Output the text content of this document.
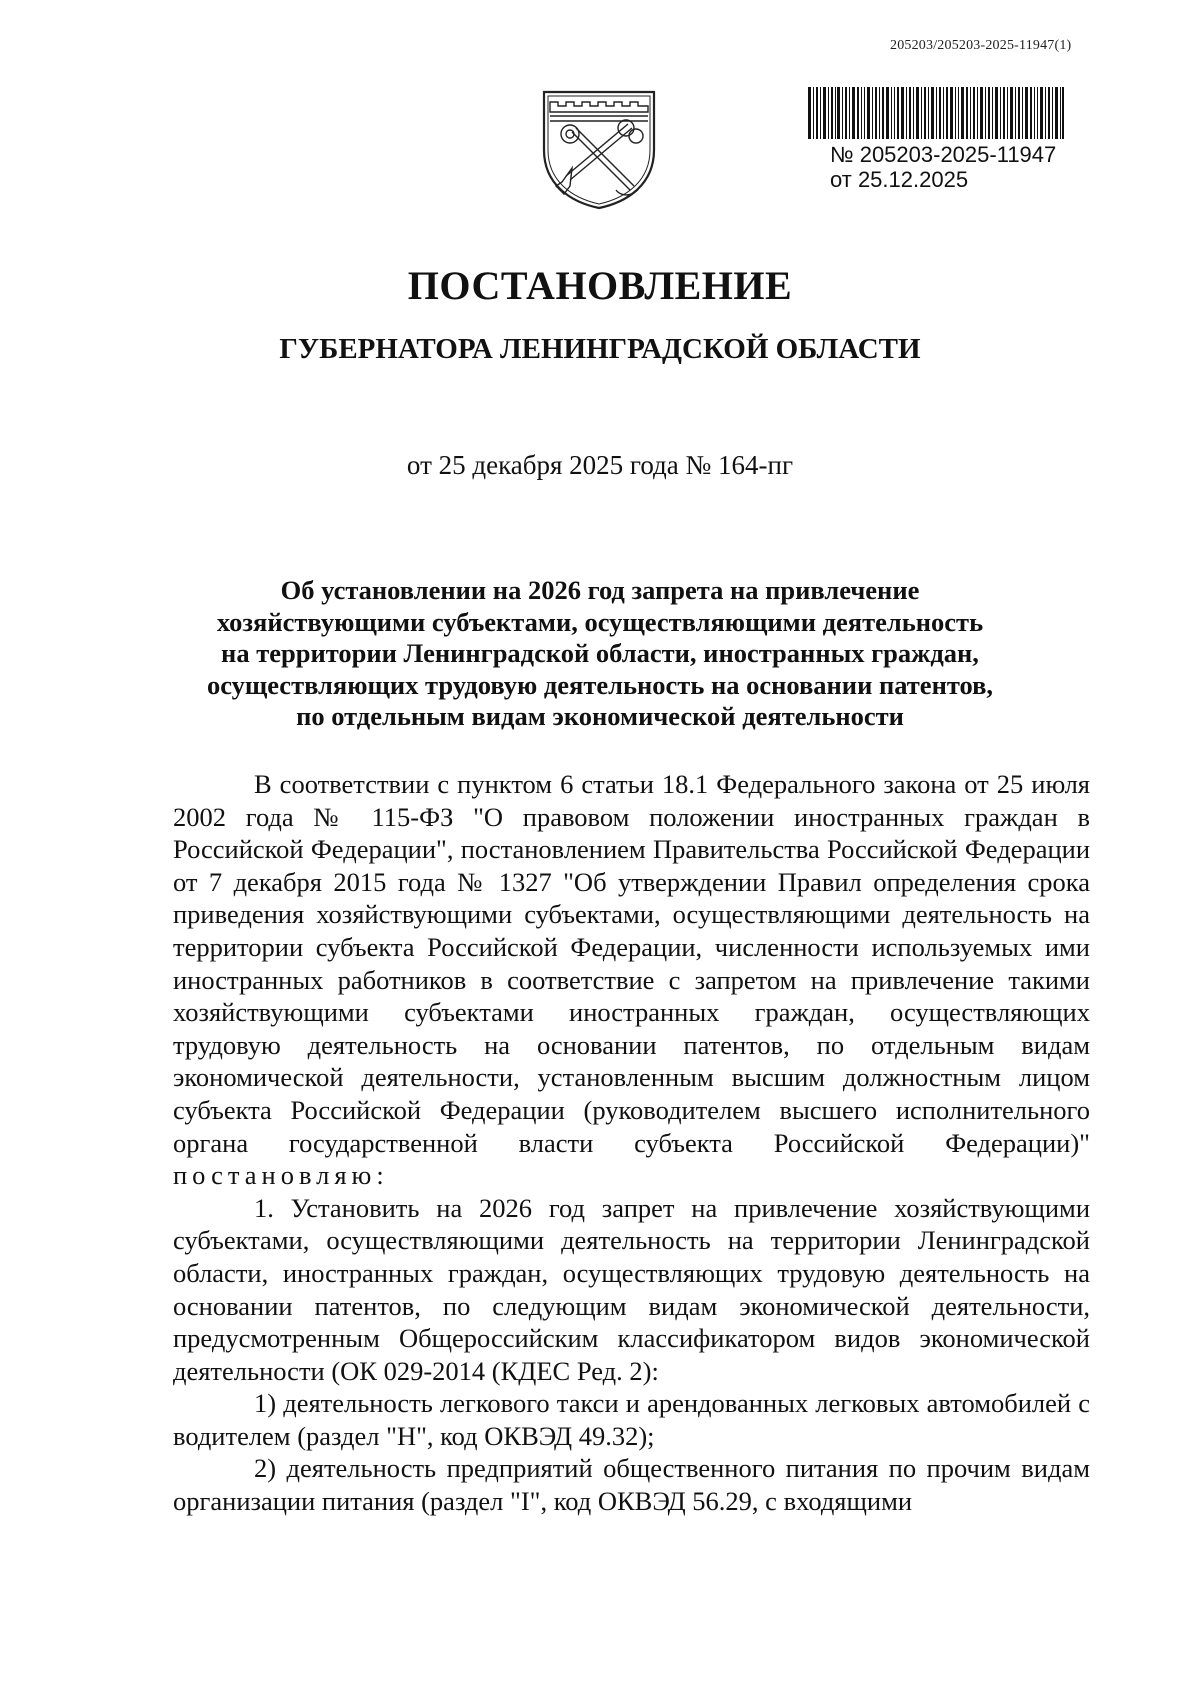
205203/205203-2025-11947(1)
№ 205203-2025-11947
от 25.12.2025
ПОСТАНОВЛЕНИЕ
ГУБЕРНАТОРА ЛЕНИНГРАДСКОЙ ОБЛАСТИ
от 25 декабря 2025 года № 164-пг
Об установлении на 2026 год запрета на привлечение
хозяйствующими субъектами, осуществляющими деятельность
на территории Ленинградской области, иностранных граждан,
осуществляющих трудовую деятельность на основании патентов,
по отдельным видам экономической деятельности

В соответствии с пунктом 6 статьи 18.1 Федерального закона от 25 июля 2002 года № 115-ФЗ "О правовом положении иностранных граждан в Российской Федерации", постановлением Правительства Российской Федерации от 7 декабря 2015 года № 1327 "Об утверждении Правил определения срока приведения хозяйствующими субъектами, осуществляющими деятельность на территории субъекта Российской Федерации, численности используемых ими иностранных работников в соответствие с запретом на привлечение такими хозяйствующими субъектами иностранных граждан, осуществляющих трудовую деятельность на основании патентов, по отдельным видам экономической деятельности, установленным высшим должностным лицом субъекта Российской Федерации (руководителем высшего исполнительного органа государственной власти субъекта Российской Федерации)" постановляю:

1. Установить на 2026 год запрет на привлечение хозяйствующими субъектами, осуществляющими деятельность на территории Ленинградской области, иностранных граждан, осуществляющих трудовую деятельность на основании патентов, по следующим видам экономической деятельности, предусмотренным Общероссийским классификатором видов экономической деятельности (ОК 029-2014 (КДЕС Ред. 2):

1) деятельность легкового такси и арендованных легковых автомобилей с водителем (раздел "H", код ОКВЭД 49.32);

2) деятельность предприятий общественного питания по прочим видам организации питания (раздел "I", код ОКВЭД 56.29, с входящими
